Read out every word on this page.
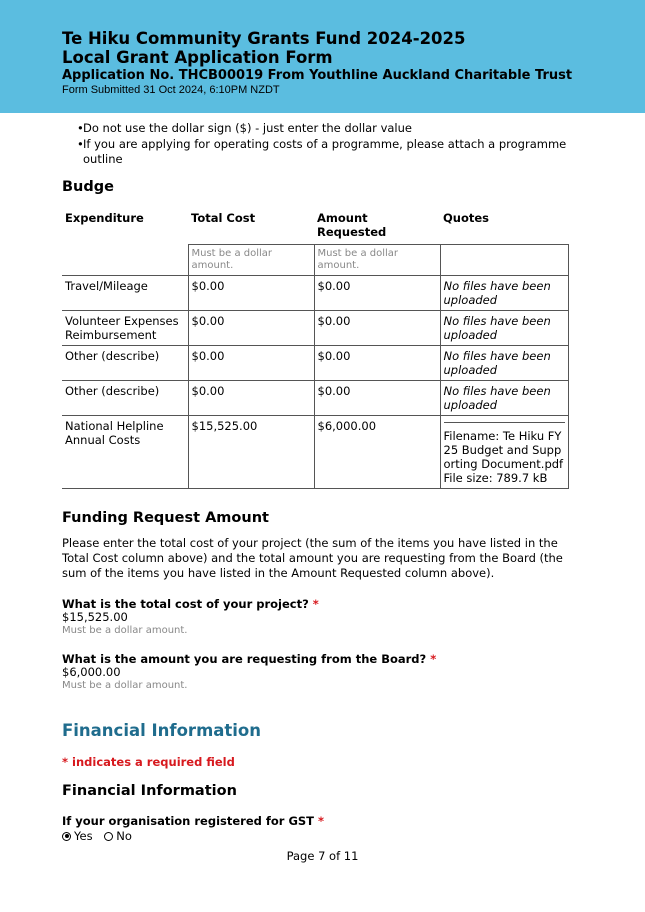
Te Hiku Community Grants Fund 2024-2025
Local Grant Application Form
Application No. THCB00019 From Youthline Auckland Charitable Trust
Form Submitted 31 Oct 2024, 6:10PM NZDT
• Do not use the dollar sign ($) - just enter the dollar value
• If you are applying for operating costs of a programme, please attach a programme outline
Budge
Expenditure	Total Cost	Amount Requested	Quotes

	Must be a dollar amount.	Must be a dollar amount.	

Travel/Mileage	$0.00	$0.00	No files have been uploaded
Volunteer Expenses Reimbursement	$0.00	$0.00	No files have been uploaded
Other (describe)	$0.00	$0.00	No files have been uploaded
Other (describe)	$0.00	$0.00	No files have been uploaded
National Helpline Annual Costs	$15,525.00	$6,000.00	Filename: Te Hiku FY 25 Budget and Supporting Document.pdf
File size: 789.7 kB
Funding Request Amount

Please enter the total cost of your project (the sum of the items you have listed in the Total Cost column above) and the total amount you are requesting from the Board (the sum of the items you have listed in the Amount Requested column above).

What is the total cost of your project? *
$15,525.00
Must be a dollar amount.
What is the amount you are requesting from the Board? *
$6,000.00
Must be a dollar amount.
Financial Information
* indicates a required field
Financial Information
If your organisation registered for GST *
Yes
No
Page 7 of 11
